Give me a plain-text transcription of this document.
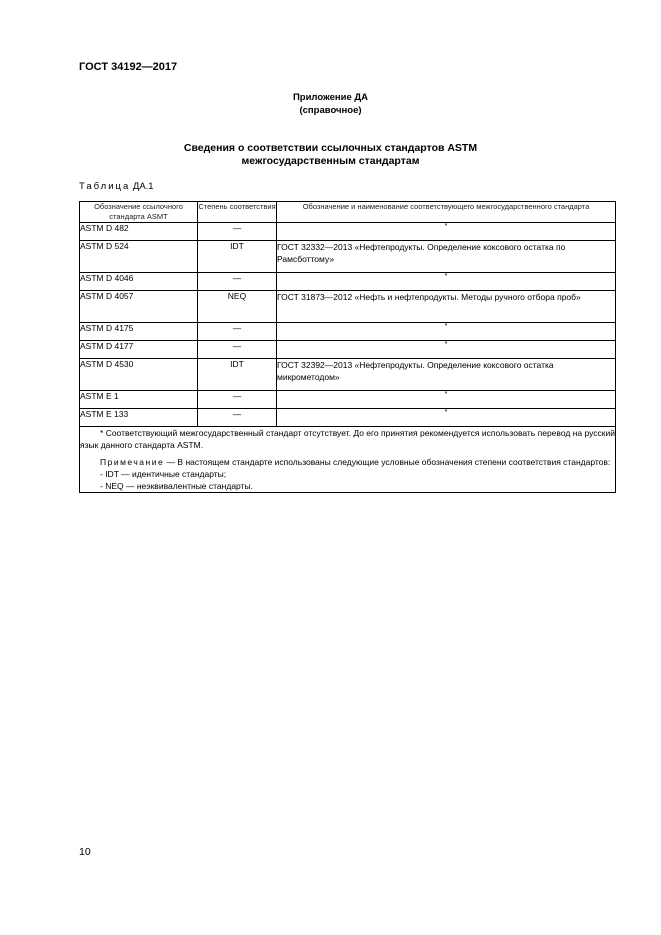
ГОСТ 34192—2017
Приложение ДА
(справочное)
Сведения о соответствии ссылочных стандартов ASTM
межгосударственным стандартам
Таблица ДА.1
Обозначение ссылочного стандарта ASMT	Степень соответствия	Обозначение и наименование соответствующего межгосударственного стандарта
ASTM D 482	—	*
ASTM D 524	IDT	ГОСТ 32332—2013 «Нефтепродукты. Определение коксового остатка по Рамсботтому»
ASTM D 4046	—	*
ASTM D 4057	NEQ	ГОСТ 31873—2012 «Нефть и нефтепродукты. Методы ручного отбора проб»
ASTM D 4175	—	*
ASTM D 4177	—	*
ASTM D 4530	IDT	ГОСТ 32392—2013 «Нефтепродукты. Определение коксового остатка микрометодом»
ASTM E 1	—	*
ASTM E 133	—	*

* Соответствующий межгосударственный стандарт отсутствует. До его принятия рекомендуется использовать перевод на русский язык данного стандарта ASTM.

Примечание — В настоящем стандарте использованы следующие условные обозначения степени соответствия стандартов:

- IDT — идентичные стандарты;

- NEQ — неэквивалентные стандарты.		

10
